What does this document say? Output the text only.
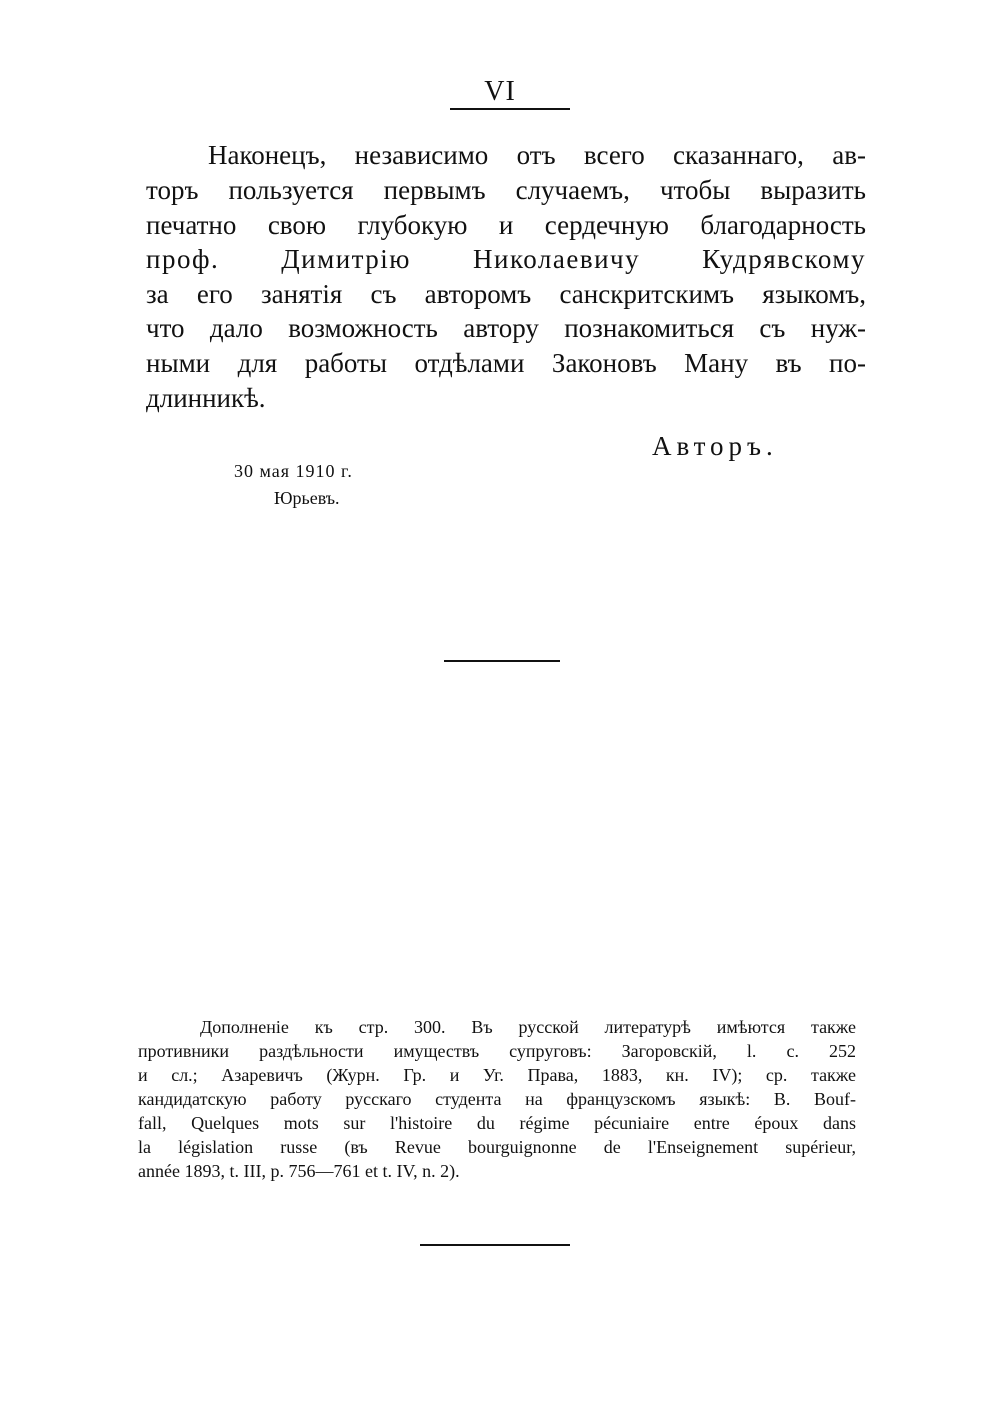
VI
Наконецъ, независимо отъ всего сказаннаго, ав-
торъ пользуется первымъ случаемъ, чтобы выразить
печатно свою глубокую и сердечную благодарность
проф. Димитрію Николаевичу Кудрявскому
за его занятія съ авторомъ санскритскимъ языкомъ,
что дало возможность автору познакомиться съ нуж-
ными для работы отдѣлами Законовъ Ману въ по-
длинникѣ.
Авторъ.
30 мая 1910 г.
Юрьевъ.
Дополненіе къ стр. 300. Въ русской литературѣ имѣются также
противники раздѣльности имуществъ супруговъ: Загоровскій, l. c. 252
и сл.; Азаревичъ (Журн. Гр. и Уг. Права, 1883, кн. IV); ср. также
кандидатскую работу русскаго студента на французскомъ языкѣ: B. Bouf-
fall, Quelques mots sur l'histoire du régime pécuniaire entre époux dans
la législation russe (въ Revue bourguignonne de l'Enseignement supérieur,
année 1893, t. III, p. 756—761 et t. IV, n. 2).
